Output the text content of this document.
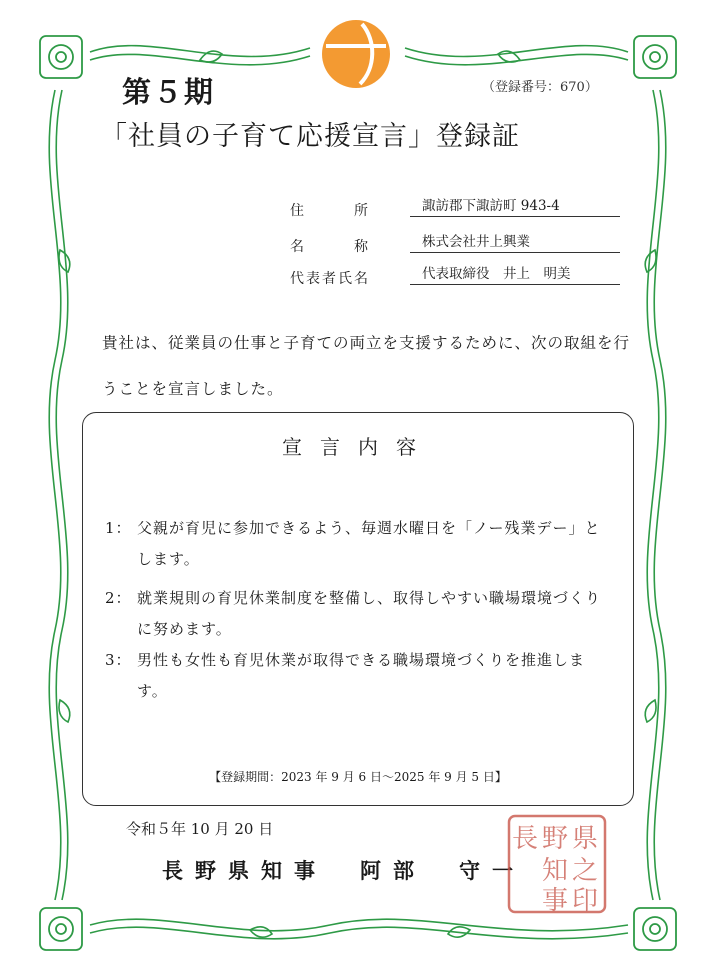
第５期	（登録番号：670）
「社員の子育て応援宣言」登録証
住　　　所	諏訪郡下諏訪町 943-4
名　　　称	株式会社井上興業
代表者氏名	代表取締役　井上　明美
貴社は、従業員の仕事と子育ての両立を支援するために、次の取組を行うことを宣言しました。
宣言内容
1： 父親が育児に参加できるよう、毎週水曜日を「ノー残業デー」とします。
2： 就業規則の育児休業制度を整備し、取得しやすい職場環境づくりに努めます。
3： 男性も女性も育児休業が取得できる職場環境づくりを推進します。
【登録期間：2023 年 9 月 6 日～2025 年 9 月 5 日】
令和５年 10 月 20 日
長野県知事　阿部　守一
県
之
印
野
知
事
長
